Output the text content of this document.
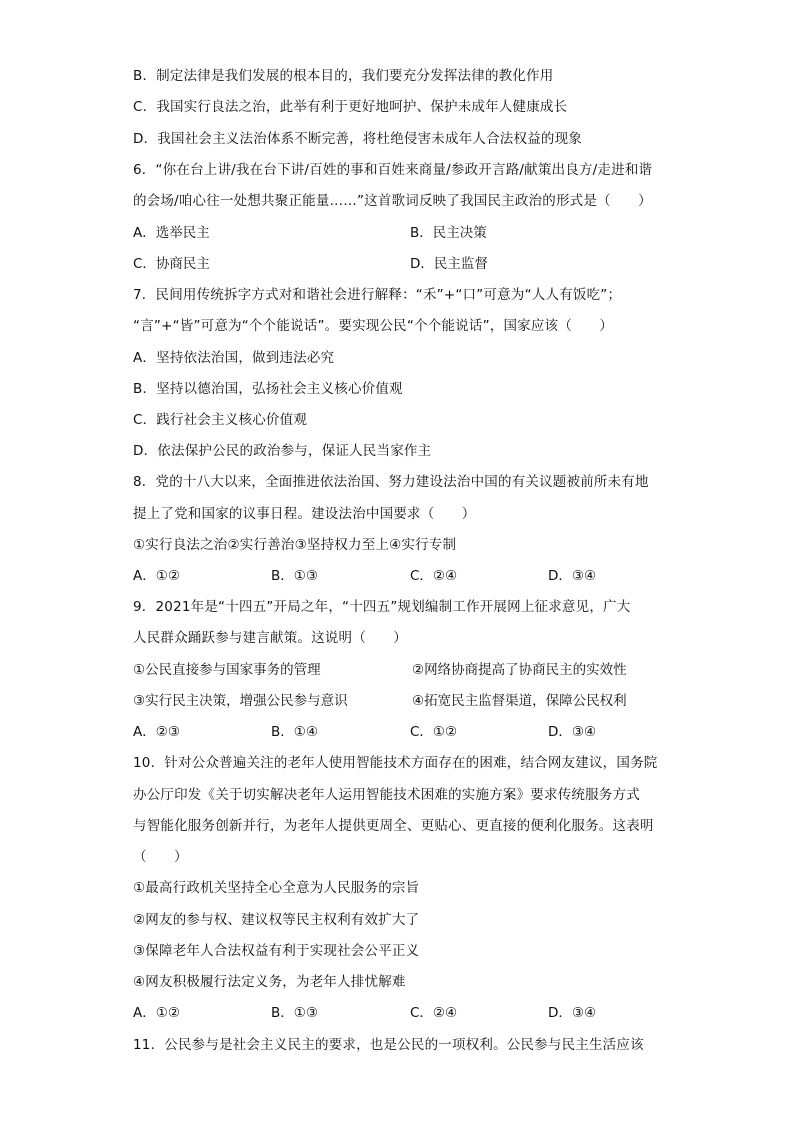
B．制定法律是我们发展的根本目的，我们要充分发挥法律的教化作用
C．我国实行良法之治，此举有利于更好地呵护、保护未成年人健康成长
D．我国社会主义法治体系不断完善，将杜绝侵害未成年人合法权益的现象
6．“你在台上讲/我在台下讲/百姓的事和百姓来商量/参政开言路/献策出良方/走进和谐
的会场/咱心往一处想共聚正能量……”这首歌词反映了我国民主政治的形式是（　　）
A．选举民主	B．民主决策
C．协商民主	D．民主监督
7．民间用传统拆字方式对和谐社会进行解释：“禾”+“口”可意为“人人有饭吃”；
“言”+“皆”可意为“个个能说话”。要实现公民“个个能说话”，国家应该（　　）
A．坚持依法治国，做到违法必究
B．坚持以德治国，弘扬社会主义核心价值观
C．践行社会主义核心价值观
D．依法保护公民的政治参与，保证人民当家作主
8．党的十八大以来，全面推进依法治国、努力建设法治中国的有关议题被前所未有地
提上了党和国家的议事日程。建设法治中国要求（　　）
①实行良法之治②实行善治③坚持权力至上④实行专制
A．①②	B．①③	C．②④	D．③④
9．2021年是“十四五”开局之年，“十四五”规划编制工作开展网上征求意见，广大
人民群众踊跃参与建言献策。这说明（　　）
①公民直接参与国家事务的管理	②网络协商提高了协商民主的实效性
③实行民主决策，增强公民参与意识	④拓宽民主监督渠道，保障公民权利
A．②③	B．①④	C．①②	D．③④
10．针对公众普遍关注的老年人使用智能技术方面存在的困难，结合网友建议，国务院
办公厅印发《关于切实解决老年人运用智能技术困难的实施方案》要求传统服务方式
与智能化服务创新并行，为老年人提供更周全、更贴心、更直接的便利化服务。这表明
（　　）
①最高行政机关坚持全心全意为人民服务的宗旨
②网友的参与权、建议权等民主权利有效扩大了
③保障老年人合法权益有利于实现社会公平正义
④网友积极履行法定义务，为老年人排忧解难
A．①②	B．①③	C．②④	D．③④
11．公民参与是社会主义民主的要求，也是公民的一项权利。公民参与民主生活应该
